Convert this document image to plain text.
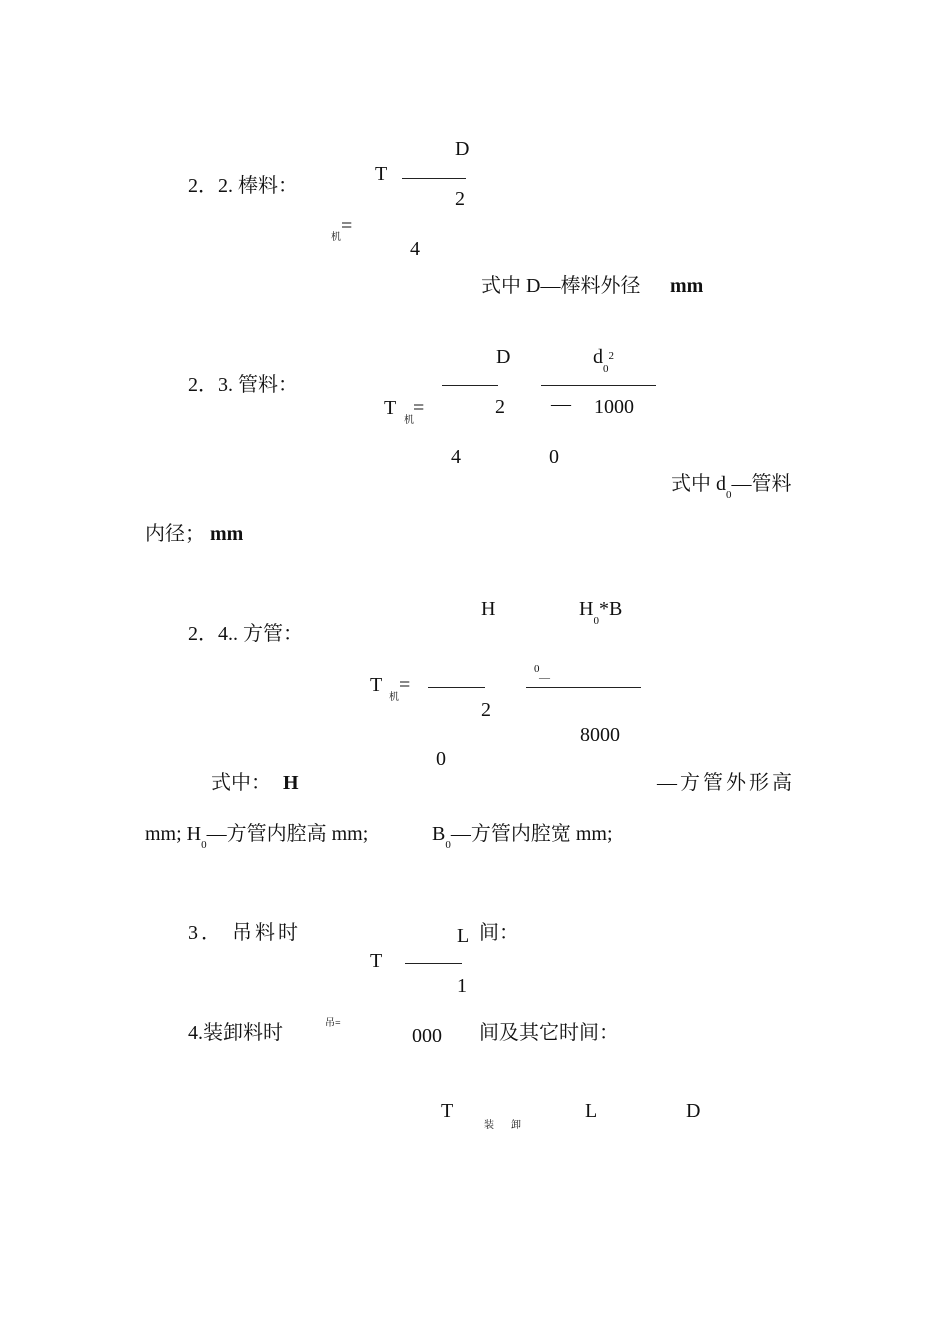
2．2. 棒料：
T
D
2
机
=
4
式中 D—棒料外径 mm
2．3. 管料：
D	$d_0^2$
T
机
=	2 — 1000
4	0
式中 $d_0—$管料
内径； mm
H	$H_0*B$
2．4.. 方管：
0
—
T
机
=
2
8000
0
式中： H	—方管外形高
mm; $H_0—$方管内腔高 mm;	$B_0—$方管内腔宽 mm;
3． 吊料时	L 间：
T
1
4.装卸料时	吊=
000 间及其它时间：
T
装 卸
L	D
